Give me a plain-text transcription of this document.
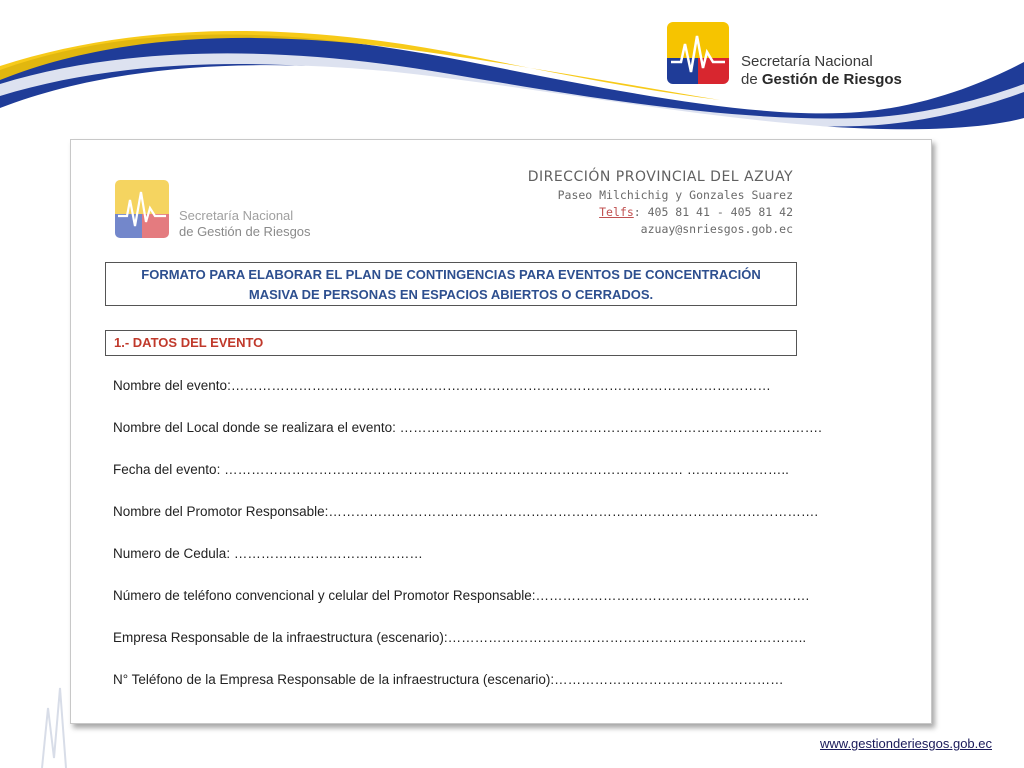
Secretaría Nacional
de Gestión de Riesgos
Secretaría Nacional
de Gestión de Riesgos
DIRECCIÓN PROVINCIAL DEL AZUAY
Paseo Milchichig y Gonzales Suarez
Telfs: 405 81 41 - 405 81 42
azuay@snriesgos.gob.ec
FORMATO PARA ELABORAR EL PLAN DE CONTINGENCIAS PARA EVENTOS DE CONCENTRACIÓN
MASIVA DE PERSONAS EN ESPACIOS ABIERTOS O CERRADOS.
1.- DATOS DEL EVENTO
Nombre del evento:…………………………………………………………………………………………………………
Nombre del Local donde se realizara el evento: ………………………………………………………………………………….
Fecha del evento: ………………………………………………………………………………………… …………………..
Nombre del Promotor Responsable:……………………………………………………………………………………………….
Numero de Cedula: ……………………………………
Número de teléfono convencional y celular del Promotor Responsable:…………………………………………………….
Empresa Responsable de la infraestructura (escenario):……………………………………………………………………..
N° Teléfono de la Empresa Responsable de la infraestructura (escenario):……………………………………………
www.gestionderiesgos.gob.ec
